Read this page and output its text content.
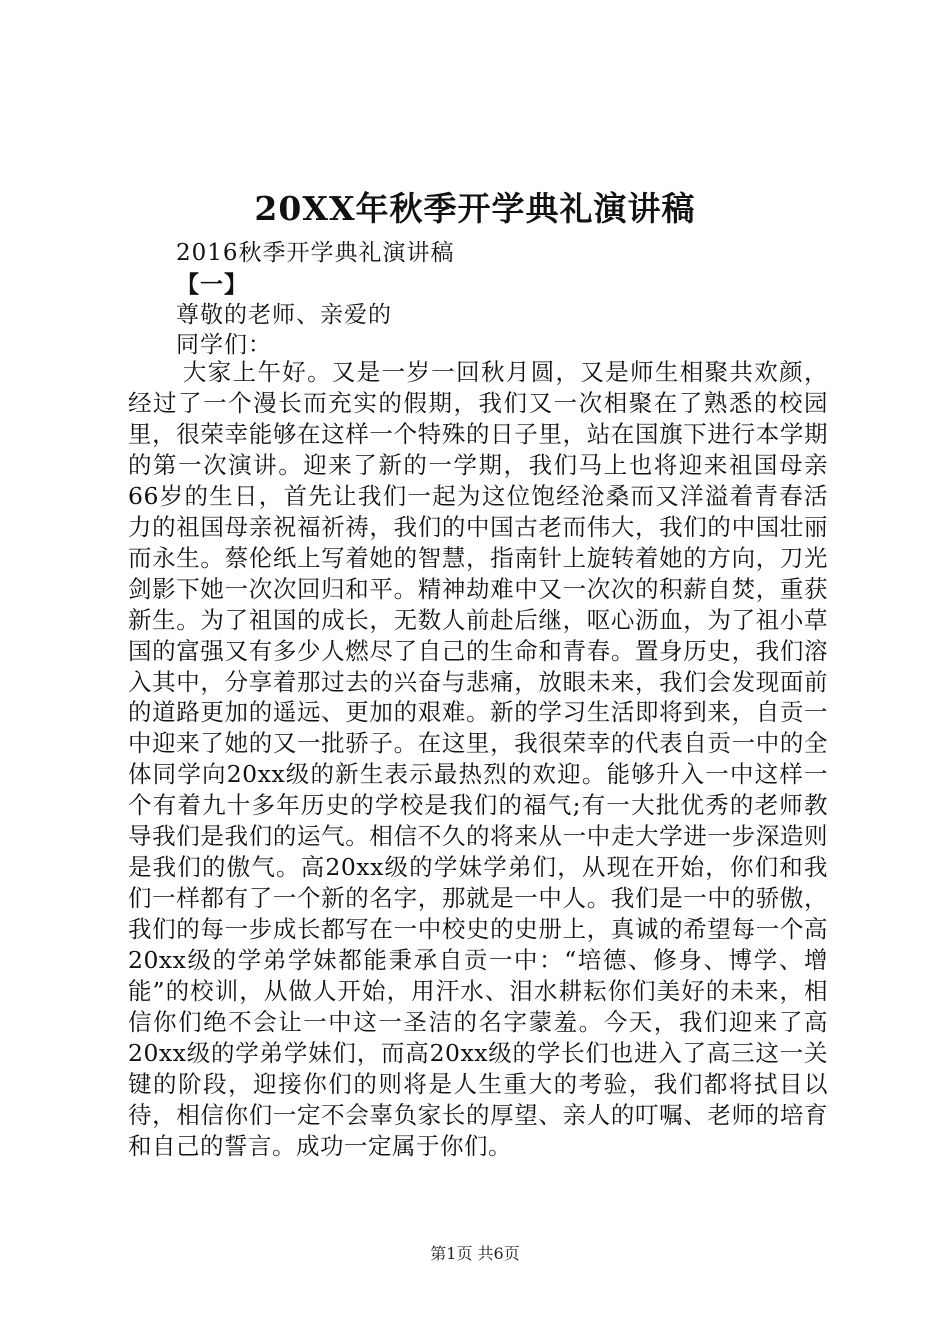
20XX年秋季开学典礼演讲稿
2016秋季开学典礼演讲稿
【一】
尊敬的老师、亲爱的
同学们：
大家上午好。又是一岁一回秋月圆，又是师生相聚共欢颜，经过了一个漫长而充实的假期，我们又一次相聚在了熟悉的校园里，很荣幸能够在这样一个特殊的日子里，站在国旗下进行本学期的第一次演讲。迎来了新的一学期，我们马上也将迎来祖国母亲66岁的生日，首先让我们一起为这位饱经沧桑而又洋溢着青春活力的祖国母亲祝福祈祷，我们的中国古老而伟大，我们的中国壮丽而永生。蔡伦纸上写着她的智慧，指南针上旋转着她的方向，刀光剑影下她一次次回归和平。精神劫难中又一次次的积薪自焚，重获新生。为了祖国的成长，无数人前赴后继，呕心沥血，为了祖小草国的富强又有多少人燃尽了自己的生命和青春。置身历史，我们溶入其中，分享着那过去的兴奋与悲痛，放眼未来，我们会发现面前的道路更加的遥远、更加的艰难。新的学习生活即将到来，自贡一中迎来了她的又一批骄子。在这里，我很荣幸的代表自贡一中的全体同学向20xx级的新生表示最热烈的欢迎。能够升入一中这样一个有着九十多年历史的学校是我们的福气;有一大批优秀的老师教导我们是我们的运气。相信不久的将来从一中走大学进一步深造则是我们的傲气。高20xx级的学妹学弟们，从现在开始，你们和我们一样都有了一个新的名字，那就是一中人。我们是一中的骄傲，我们的每一步成长都写在一中校史的史册上，真诚的希望每一个高20xx级的学弟学妹都能秉承自贡一中：“培德、修身、博学、增能”的校训，从做人开始，用汗水、泪水耕耘你们美好的未来，相信你们绝不会让一中这一圣洁的名字蒙羞。今天，我们迎来了高20xx级的学弟学妹们，而高20xx级的学长们也进入了高三这一关键的阶段，迎接你们的则将是人生重大的考验，我们都将拭目以待，相信你们一定不会辜负家长的厚望、亲人的叮嘱、老师的培育和自己的誓言。成功一定属于你们。
第1页 共6页
